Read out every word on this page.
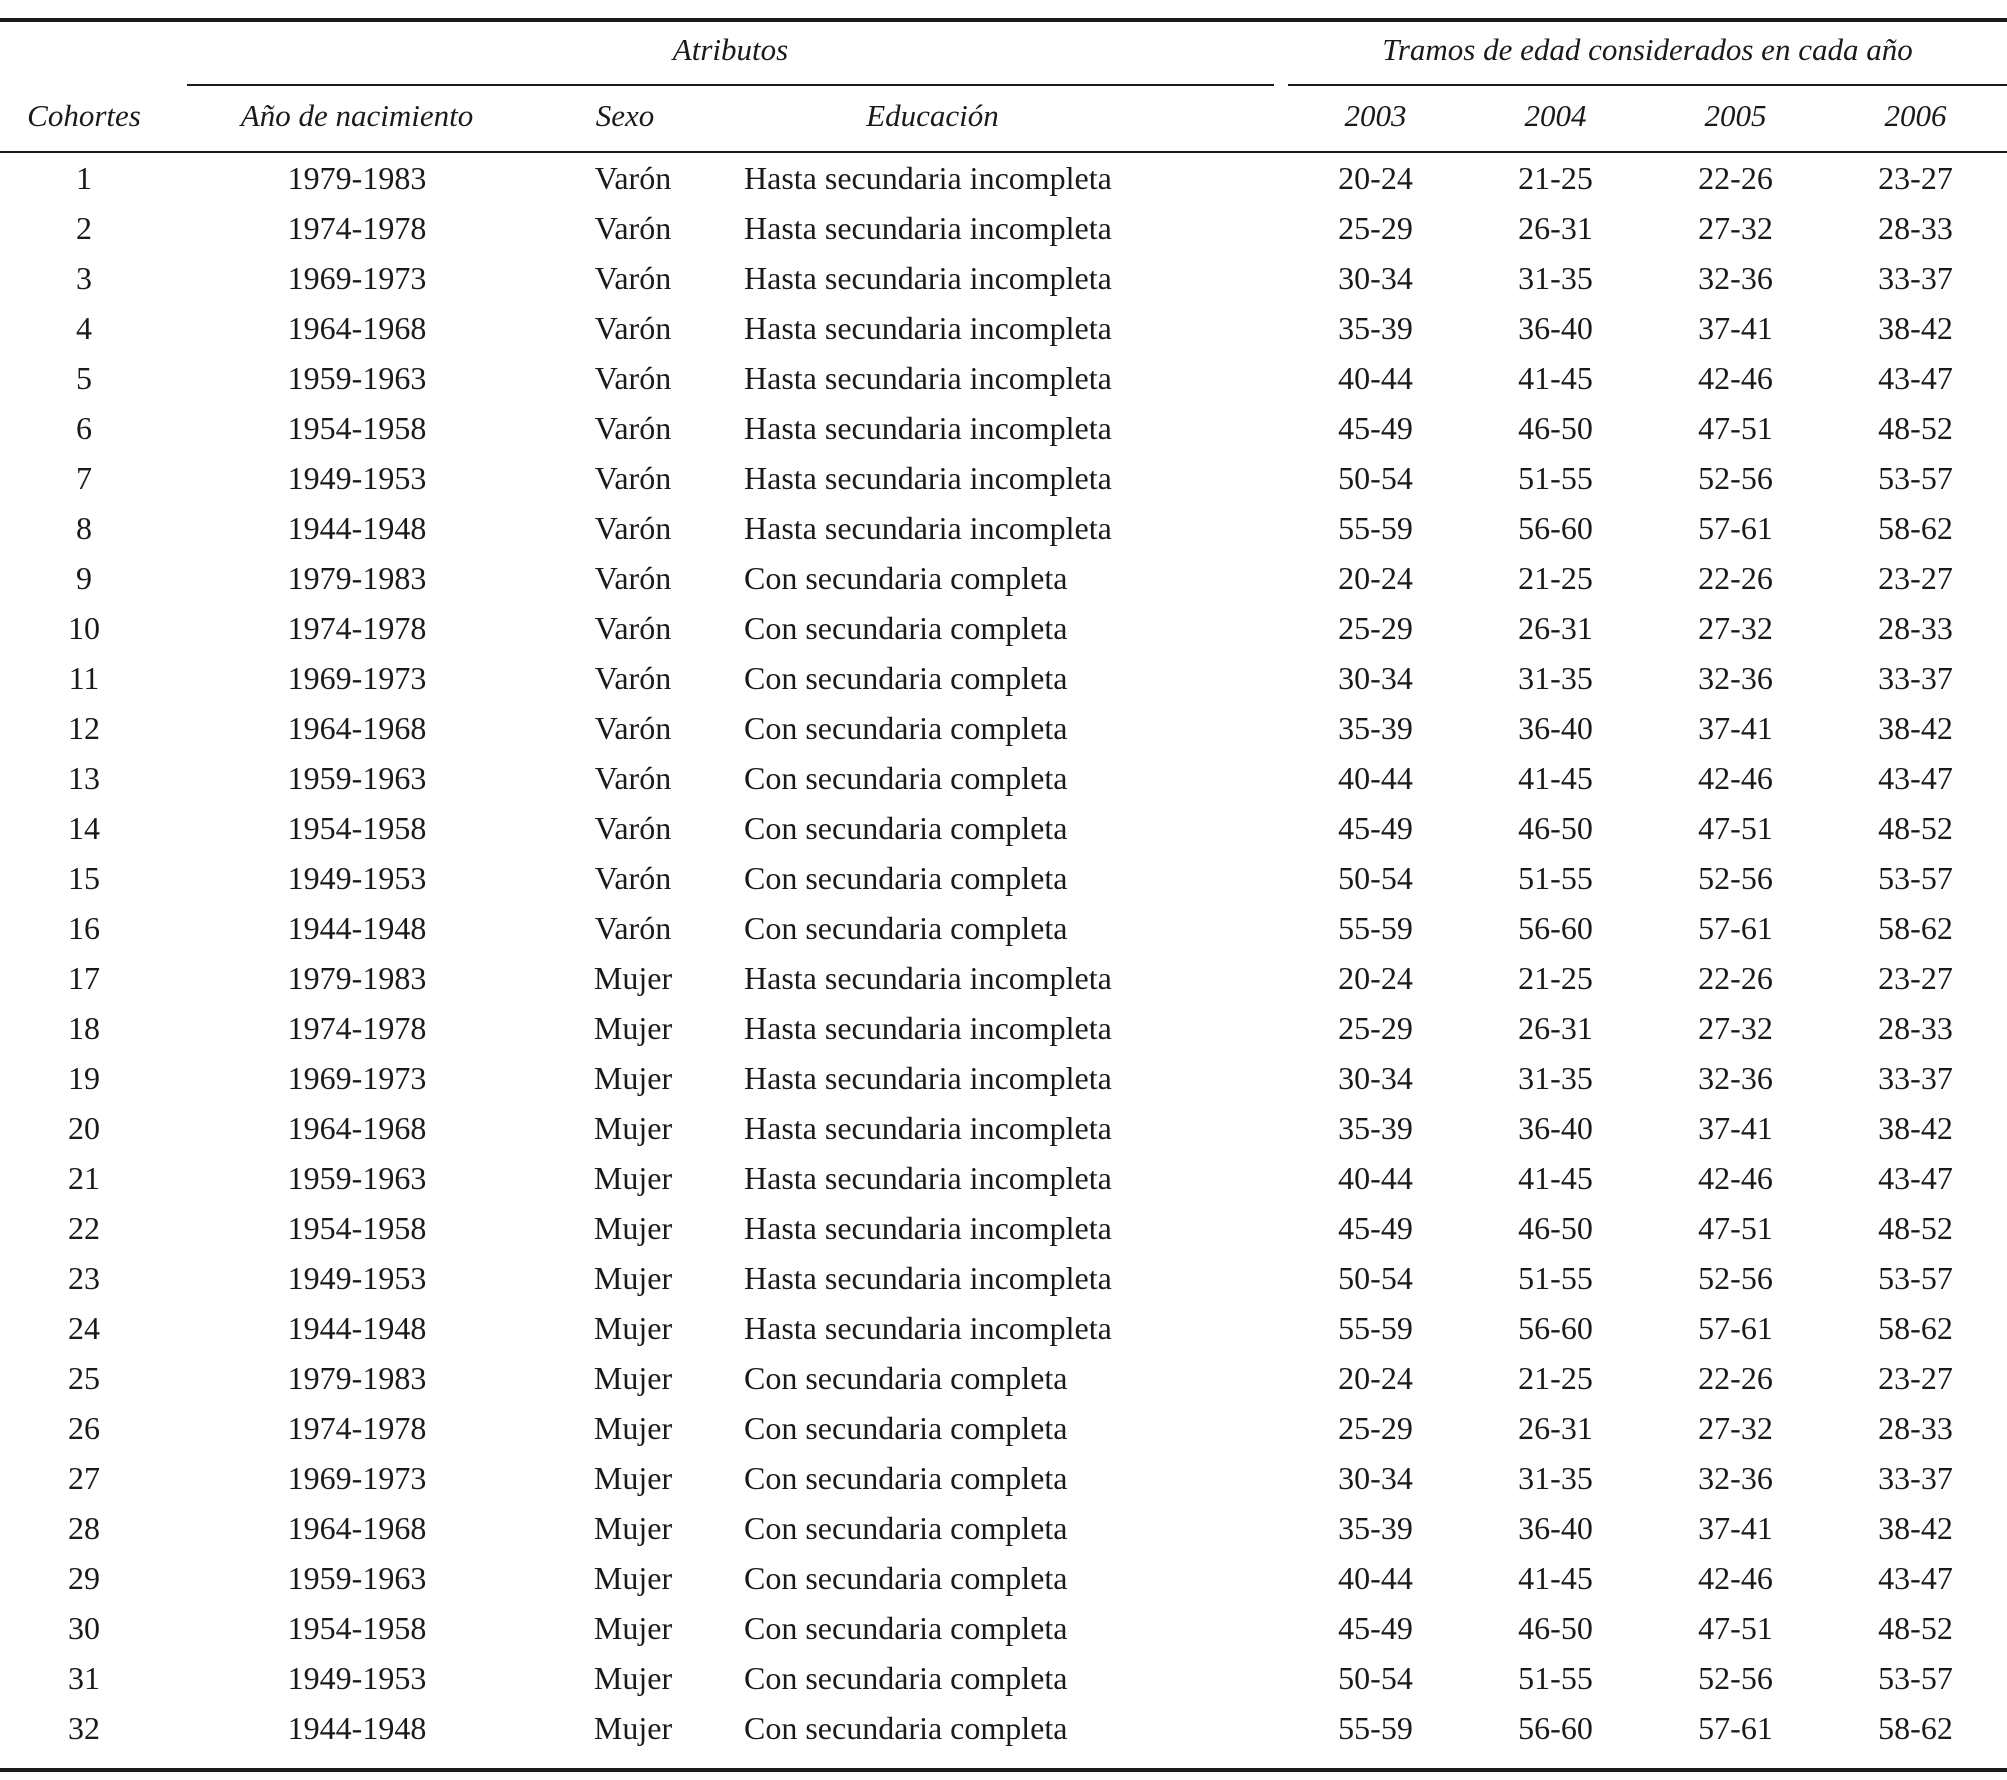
Atributos	Tramos de edad considerados en cada año
Cohortes	Año de nacimiento	Sexo	Educación	2003	2004	2005	2006
1	1979-1983	Varón	Hasta secundaria incompleta	20-24	21-25	22-26	23-27
2	1974-1978	Varón	Hasta secundaria incompleta	25-29	26-31	27-32	28-33
3	1969-1973	Varón	Hasta secundaria incompleta	30-34	31-35	32-36	33-37
4	1964-1968	Varón	Hasta secundaria incompleta	35-39	36-40	37-41	38-42
5	1959-1963	Varón	Hasta secundaria incompleta	40-44	41-45	42-46	43-47
6	1954-1958	Varón	Hasta secundaria incompleta	45-49	46-50	47-51	48-52
7	1949-1953	Varón	Hasta secundaria incompleta	50-54	51-55	52-56	53-57
8	1944-1948	Varón	Hasta secundaria incompleta	55-59	56-60	57-61	58-62
9	1979-1983	Varón	Con secundaria completa	20-24	21-25	22-26	23-27
10	1974-1978	Varón	Con secundaria completa	25-29	26-31	27-32	28-33
11	1969-1973	Varón	Con secundaria completa	30-34	31-35	32-36	33-37
12	1964-1968	Varón	Con secundaria completa	35-39	36-40	37-41	38-42
13	1959-1963	Varón	Con secundaria completa	40-44	41-45	42-46	43-47
14	1954-1958	Varón	Con secundaria completa	45-49	46-50	47-51	48-52
15	1949-1953	Varón	Con secundaria completa	50-54	51-55	52-56	53-57
16	1944-1948	Varón	Con secundaria completa	55-59	56-60	57-61	58-62
17	1979-1983	Mujer	Hasta secundaria incompleta	20-24	21-25	22-26	23-27
18	1974-1978	Mujer	Hasta secundaria incompleta	25-29	26-31	27-32	28-33
19	1969-1973	Mujer	Hasta secundaria incompleta	30-34	31-35	32-36	33-37
20	1964-1968	Mujer	Hasta secundaria incompleta	35-39	36-40	37-41	38-42
21	1959-1963	Mujer	Hasta secundaria incompleta	40-44	41-45	42-46	43-47
22	1954-1958	Mujer	Hasta secundaria incompleta	45-49	46-50	47-51	48-52
23	1949-1953	Mujer	Hasta secundaria incompleta	50-54	51-55	52-56	53-57
24	1944-1948	Mujer	Hasta secundaria incompleta	55-59	56-60	57-61	58-62
25	1979-1983	Mujer	Con secundaria completa	20-24	21-25	22-26	23-27
26	1974-1978	Mujer	Con secundaria completa	25-29	26-31	27-32	28-33
27	1969-1973	Mujer	Con secundaria completa	30-34	31-35	32-36	33-37
28	1964-1968	Mujer	Con secundaria completa	35-39	36-40	37-41	38-42
29	1959-1963	Mujer	Con secundaria completa	40-44	41-45	42-46	43-47
30	1954-1958	Mujer	Con secundaria completa	45-49	46-50	47-51	48-52
31	1949-1953	Mujer	Con secundaria completa	50-54	51-55	52-56	53-57
32	1944-1948	Mujer	Con secundaria completa	55-59	56-60	57-61	58-62
